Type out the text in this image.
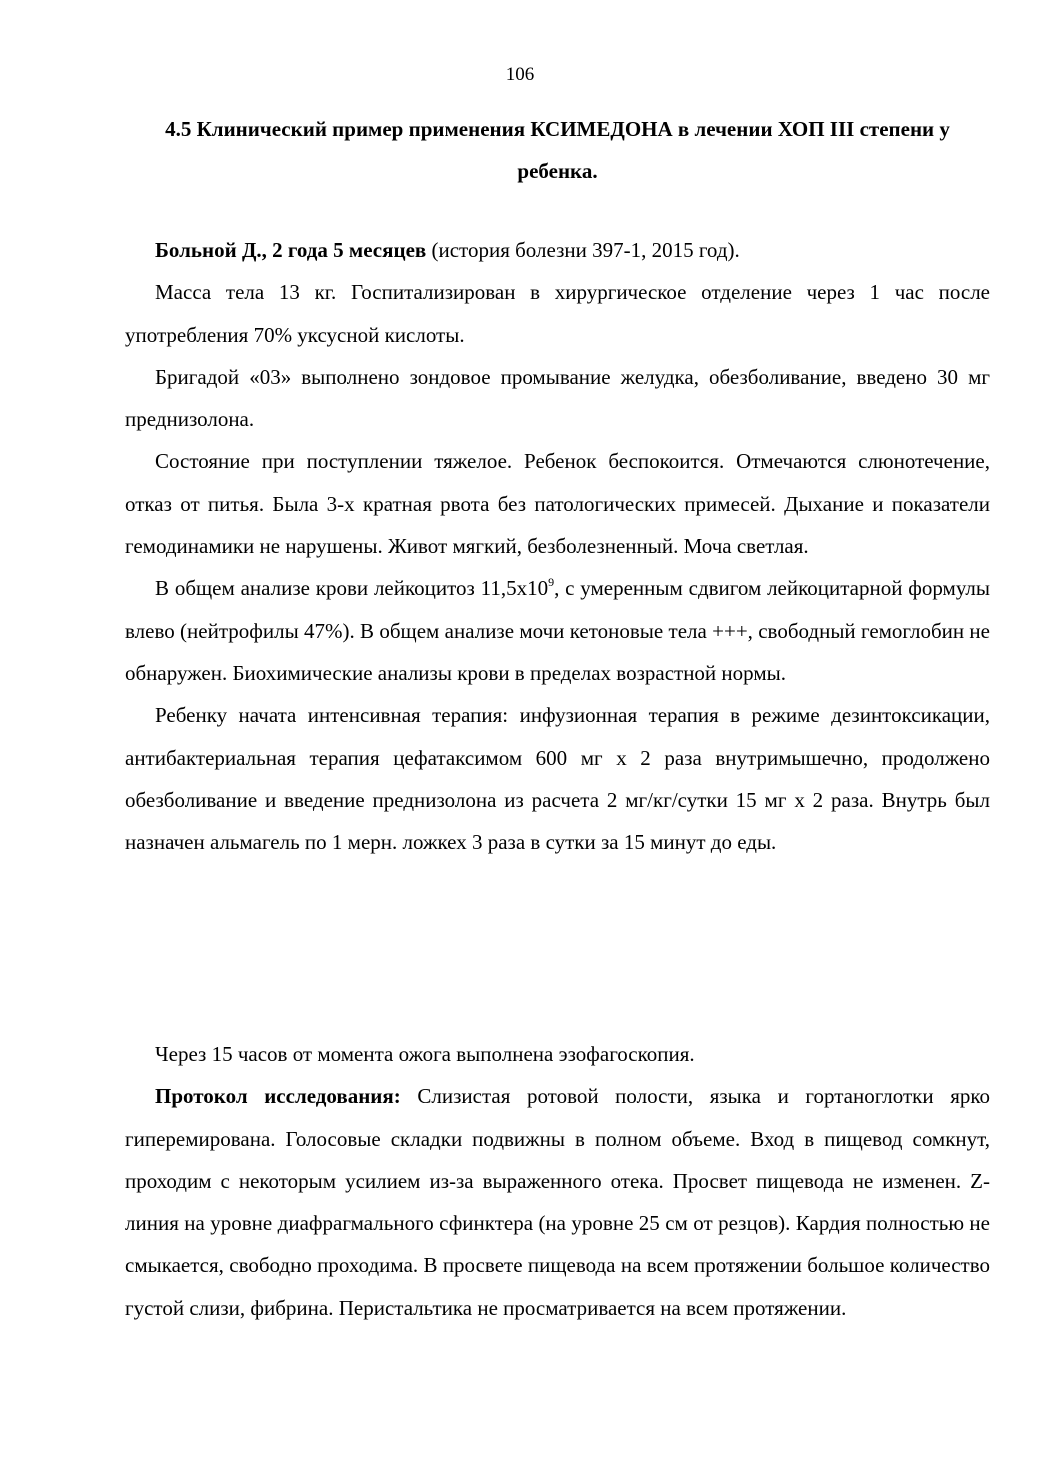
106
4.5 Клинический пример применения КСИМЕДОНА в лечении ХОП III степени у ребенка.

Больной Д., 2 года 5 месяцев (история болезни 397-1, 2015 год).

Масса тела 13 кг. Госпитализирован в хирургическое отделение через 1 час после употребления 70% уксусной кислоты.

Бригадой «03» выполнено зондовое промывание желудка, обезболивание, введено 30 мг преднизолона.

Состояние при поступлении тяжелое. Ребенок беспокоится. Отмечаются слюнотечение, отказ от питья. Была 3-х кратная рвота без патологических примесей. Дыхание и показатели гемодинамики не нарушены. Живот мягкий, безболезненный. Моча светлая.

В общем анализе крови лейкоцитоз $11,5х10^9$, с умеренным сдвигом лейкоцитарной формулы влево (нейтрофилы 47%). В общем анализе мочи кетоновые тела +++, свободный гемоглобин не обнаружен. Биохимические анализы крови в пределах возрастной нормы.

Ребенку начата интенсивная терапия: инфузионная терапия в режиме дезинтоксикации, антибактериальная терапия цефатаксимом 600 мг х 2 раза внутримышечно, продолжено обезболивание и введение преднизолона из расчета 2 мг/кг/сутки 15 мг х 2 раза. Внутрь был назначен альмагель по 1 мерн. ложкех 3 раза в сутки за 15 минут до еды.

Через 15 часов от момента ожога выполнена эзофагоскопия.

Протокол исследования: Слизистая ротовой полости, языка и гортаноглотки ярко гиперемирована. Голосовые складки подвижны в полном объеме. Вход в пищевод сомкнут, проходим с некоторым усилием из-за выраженного отека. Просвет пищевода не изменен. Z-линия на уровне диафрагмального сфинктера (на уровне 25 см от резцов). Кардия полностью не смыкается, свободно проходима. В просвете пищевода на всем протяжении большое количество густой слизи, фибрина. Перистальтика не просматривается на всем протяжении.
